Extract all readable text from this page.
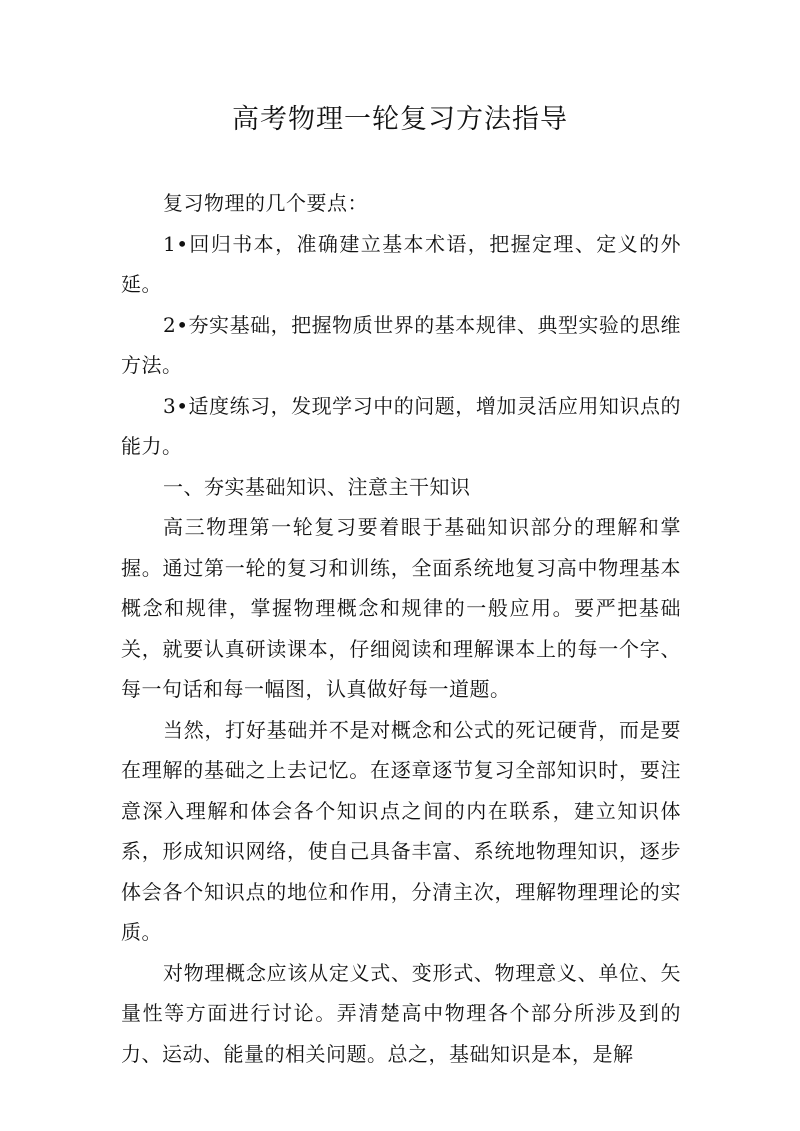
高考物理一轮复习方法指导

复习物理的几个要点：

1•回归书本，准确建立基本术语，把握定理、定义的外延。

2•夯实基础，把握物质世界的基本规律、典型实验的思维方法。

3•适度练习，发现学习中的问题，增加灵活应用知识点的能力。

一、夯实基础知识、注意主干知识

高三物理第一轮复习要着眼于基础知识部分的理解和掌握。通过第一轮的复习和训练，全面系统地复习高中物理基本概念和规律，掌握物理概念和规律的一般应用。要严把基础关，就要认真研读课本，仔细阅读和理解课本上的每一个字、每一句话和每一幅图，认真做好每一道题。

当然，打好基础并不是对概念和公式的死记硬背，而是要在理解的基础之上去记忆。在逐章逐节复习全部知识时，要注意深入理解和体会各个知识点之间的内在联系，建立知识体系，形成知识网络，使自己具备丰富、系统地物理知识，逐步体会各个知识点的地位和作用，分清主次，理解物理理论的实质。

对物理概念应该从定义式、变形式、物理意义、单位、矢量性等方面进行讨论。弄清楚高中物理各个部分所涉及到的力、运动、能量的相关问题。总之，基础知识是本，是解
